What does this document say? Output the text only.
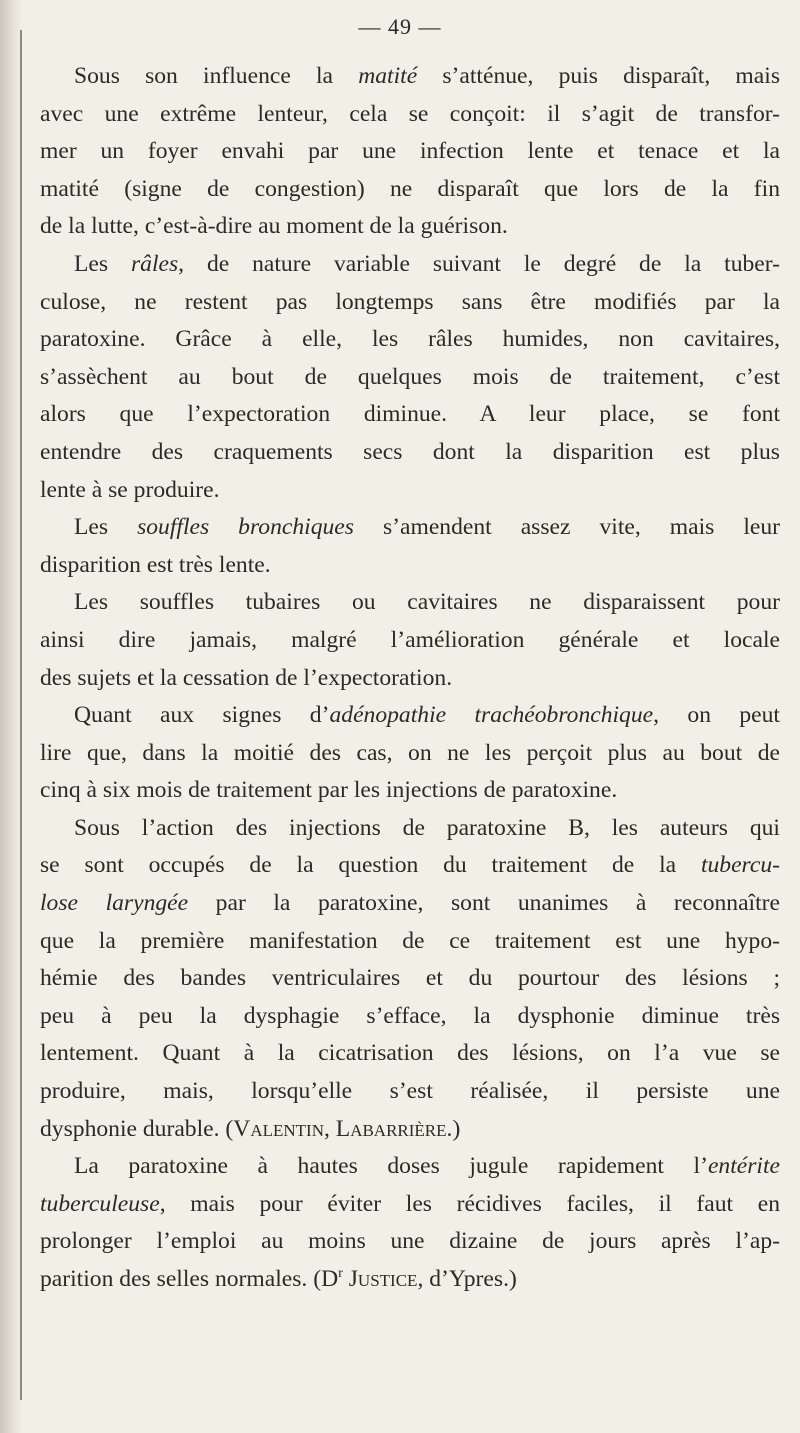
— 49 —
Sous son influence la matité s’atténue, puis disparaît, mais
avec une extrême lenteur, cela se conçoit: il s’agit de transfor-
mer un foyer envahi par une infection lente et tenace et la
matité (signe de congestion) ne disparaît que lors de la fin
de la lutte, c’est-à-dire au moment de la guérison.
Les râles, de nature variable suivant le degré de la tuber-
culose, ne restent pas longtemps sans être modifiés par la
paratoxine. Grâce à elle, les râles humides, non cavitaires,
s’assèchent au bout de quelques mois de traitement, c’est
alors que l’expectoration diminue. A leur place, se font
entendre des craquements secs dont la disparition est plus
lente à se produire.
Les souffles bronchiques s’amendent assez vite, mais leur
disparition est très lente.
Les souffles tubaires ou cavitaires ne disparaissent pour
ainsi dire jamais, malgré l’amélioration générale et locale
des sujets et la cessation de l’expectoration.
Quant aux signes d’adénopathie trachéobronchique, on peut
lire que, dans la moitié des cas, on ne les perçoit plus au bout de
cinq à six mois de traitement par les injections de paratoxine.
Sous l’action des injections de paratoxine B, les auteurs qui
se sont occupés de la question du traitement de la tubercu-
lose laryngée par la paratoxine, sont unanimes à reconnaître
que la première manifestation de ce traitement est une hypo-
hémie des bandes ventriculaires et du pourtour des lésions ;
peu à peu la dysphagie s’efface, la dysphonie diminue très
lentement. Quant à la cicatrisation des lésions, on l’a vue se
produire, mais, lorsqu’elle s’est réalisée, il persiste une
dysphonie durable. (Valentin, Labarrière.)
La paratoxine à hautes doses jugule rapidement l’entérite
tuberculeuse, mais pour éviter les récidives faciles, il faut en
prolonger l’emploi au moins une dizaine de jours après l’ap-
parition des selles normales. ($D^r$ Justice, d’Ypres.)
